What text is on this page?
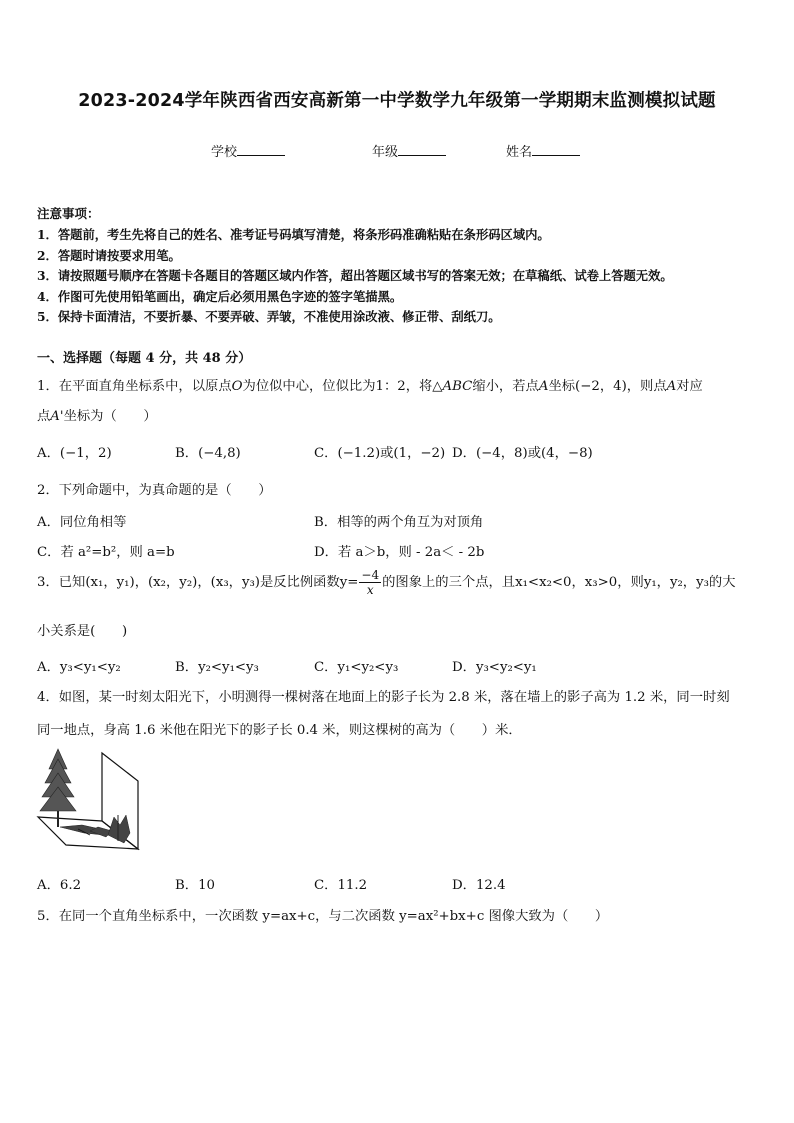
2023-2024学年陕西省西安高新第一中学数学九年级第一学期期末监测模拟试题
学校	年级	姓名
注意事项：
1．答题前，考生先将自己的姓名、准考证号码填写清楚，将条形码准确粘贴在条形码区域内。
2．答题时请按要求用笔。
3．请按照题号顺序在答题卡各题目的答题区域内作答，超出答题区域书写的答案无效；在草稿纸、试卷上答题无效。
4．作图可先使用铅笔画出，确定后必须用黑色字迹的签字笔描黑。
5．保持卡面清洁，不要折暴、不要弄破、弄皱，不准使用涂改液、修正带、刮纸刀。
一、选择题（每题 4 分，共 48 分）
1．在平面直角坐标系中，以原点O为位似中心，位似比为1：2，将△ABC缩小，若点A坐标(−2，4)，则点A对应
点A'坐标为（　　）
A．(−1，2)	B．(−4,8)	C．(−1.2)或(1，−2) D．(−4，8)或(4，−8)
2．下列命题中，为真命题的是（　　）
A．同位角相等	B．相等的两个角互为对顶角
C．若 a²=b²，则 a=b	D．若 a＞b，则 - 2a＜ - 2b
3．已知(x₁，y₁)，(x₂，y₂)，(x₃，y₃)是反比例函数$y= \frac{-4}{x}$ 的图象上的三个点，且x₁<x₂<0，x₃>0，则y₁，y₂，y₃的大
小关系是(　　)
A．y₃<y₁<y₂	B．y₂<y₁<y₃	C．y₁<y₂<y₃	D．y₃<y₂<y₁
4．如图，某一时刻太阳光下，小明测得一棵树落在地面上的影子长为 2.8 米，落在墙上的影子高为 1.2 米，同一时刻
同一地点，身高 1.6 米他在阳光下的影子长 0.4 米，则这棵树的高为（　　）米．
A．6.2	B．10	C．11.2	D．12.4
5．在同一个直角坐标系中，一次函数 y=ax+c，与二次函数 y=ax²+bx+c 图像大致为（　　）
